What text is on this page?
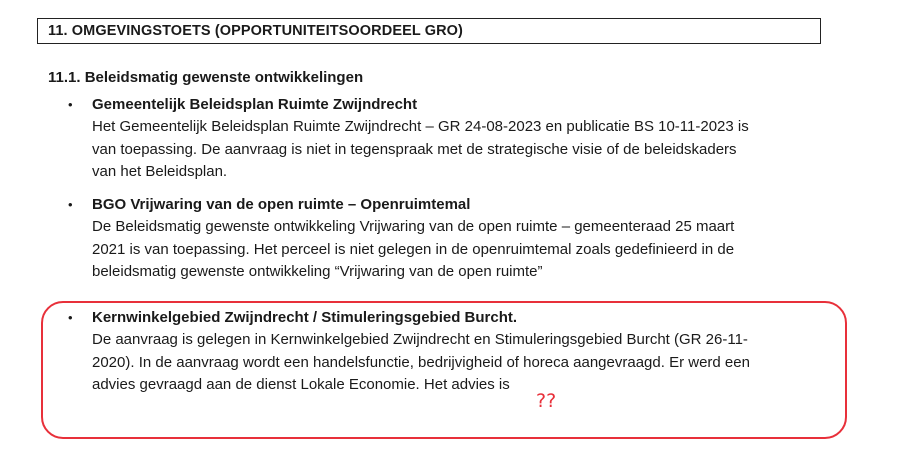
11. OMGEVINGSTOETS (OPPORTUNITEITSOORDEEL GRO)
11.1. Beleidsmatig gewenste ontwikkelingen
• Gemeentelijk Beleidsplan Ruimte Zwijndrecht
Het Gemeentelijk Beleidsplan Ruimte Zwijndrecht – GR 24-08-2023 en publicatie BS 10-11-2023 is
van toepassing. De aanvraag is niet in tegenspraak met de strategische visie of de beleidskaders
van het Beleidsplan.
• BGO Vrijwaring van de open ruimte – Openruimtemal
De Beleidsmatig gewenste ontwikkeling Vrijwaring van de open ruimte – gemeenteraad 25 maart
2021 is van toepassing. Het perceel is niet gelegen in de openruimtemal zoals gedefinieerd in de
beleidsmatig gewenste ontwikkeling “Vrijwaring van de open ruimte”
• Kernwinkelgebied Zwijndrecht / Stimuleringsgebied Burcht.
De aanvraag is gelegen in Kernwinkelgebied Zwijndrecht en Stimuleringsgebied Burcht (GR 26-11-
2020). In de aanvraag wordt een handelsfunctie, bedrijvigheid of horeca aangevraagd. Er werd een
advies gevraagd aan de dienst Lokale Economie. Het advies is
??
